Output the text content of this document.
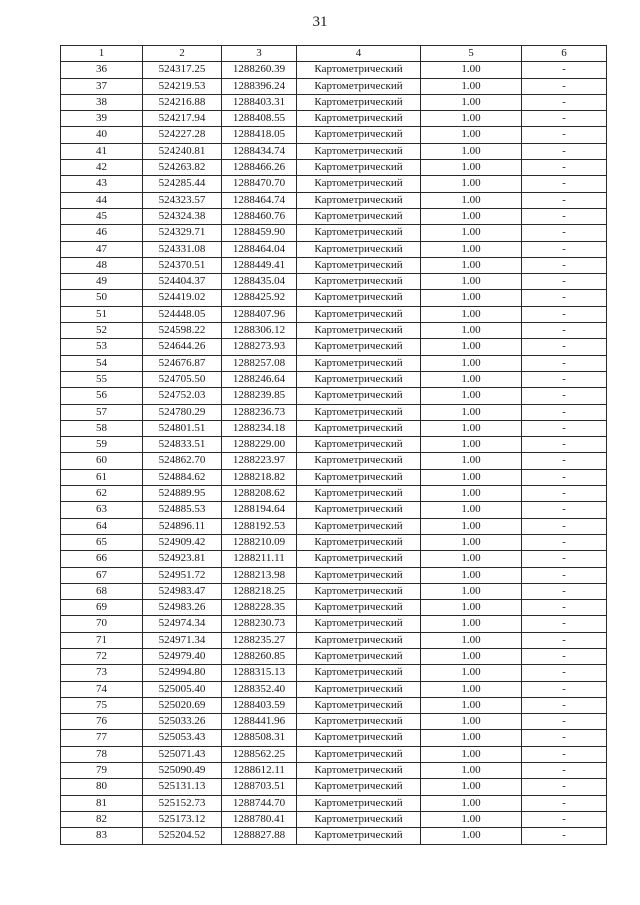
31
1	2	3	4	5	6
36	524317.25	1288260.39	Картометрический	1.00	-
37	524219.53	1288396.24	Картометрический	1.00	-
38	524216.88	1288403.31	Картометрический	1.00	-
39	524217.94	1288408.55	Картометрический	1.00	-
40	524227.28	1288418.05	Картометрический	1.00	-
41	524240.81	1288434.74	Картометрический	1.00	-
42	524263.82	1288466.26	Картометрический	1.00	-
43	524285.44	1288470.70	Картометрический	1.00	-
44	524323.57	1288464.74	Картометрический	1.00	-
45	524324.38	1288460.76	Картометрический	1.00	-
46	524329.71	1288459.90	Картометрический	1.00	-
47	524331.08	1288464.04	Картометрический	1.00	-
48	524370.51	1288449.41	Картометрический	1.00	-
49	524404.37	1288435.04	Картометрический	1.00	-
50	524419.02	1288425.92	Картометрический	1.00	-
51	524448.05	1288407.96	Картометрический	1.00	-
52	524598.22	1288306.12	Картометрический	1.00	-
53	524644.26	1288273.93	Картометрический	1.00	-
54	524676.87	1288257.08	Картометрический	1.00	-
55	524705.50	1288246.64	Картометрический	1.00	-
56	524752.03	1288239.85	Картометрический	1.00	-
57	524780.29	1288236.73	Картометрический	1.00	-
58	524801.51	1288234.18	Картометрический	1.00	-
59	524833.51	1288229.00	Картометрический	1.00	-
60	524862.70	1288223.97	Картометрический	1.00	-
61	524884.62	1288218.82	Картометрический	1.00	-
62	524889.95	1288208.62	Картометрический	1.00	-
63	524885.53	1288194.64	Картометрический	1.00	-
64	524896.11	1288192.53	Картометрический	1.00	-
65	524909.42	1288210.09	Картометрический	1.00	-
66	524923.81	1288211.11	Картометрический	1.00	-
67	524951.72	1288213.98	Картометрический	1.00	-
68	524983.47	1288218.25	Картометрический	1.00	-
69	524983.26	1288228.35	Картометрический	1.00	-
70	524974.34	1288230.73	Картометрический	1.00	-
71	524971.34	1288235.27	Картометрический	1.00	-
72	524979.40	1288260.85	Картометрический	1.00	-
73	524994.80	1288315.13	Картометрический	1.00	-
74	525005.40	1288352.40	Картометрический	1.00	-
75	525020.69	1288403.59	Картометрический	1.00	-
76	525033.26	1288441.96	Картометрический	1.00	-
77	525053.43	1288508.31	Картометрический	1.00	-
78	525071.43	1288562.25	Картометрический	1.00	-
79	525090.49	1288612.11	Картометрический	1.00	-
80	525131.13	1288703.51	Картометрический	1.00	-
81	525152.73	1288744.70	Картометрический	1.00	-
82	525173.12	1288780.41	Картометрический	1.00	-
83	525204.52	1288827.88	Картометрический	1.00	-
